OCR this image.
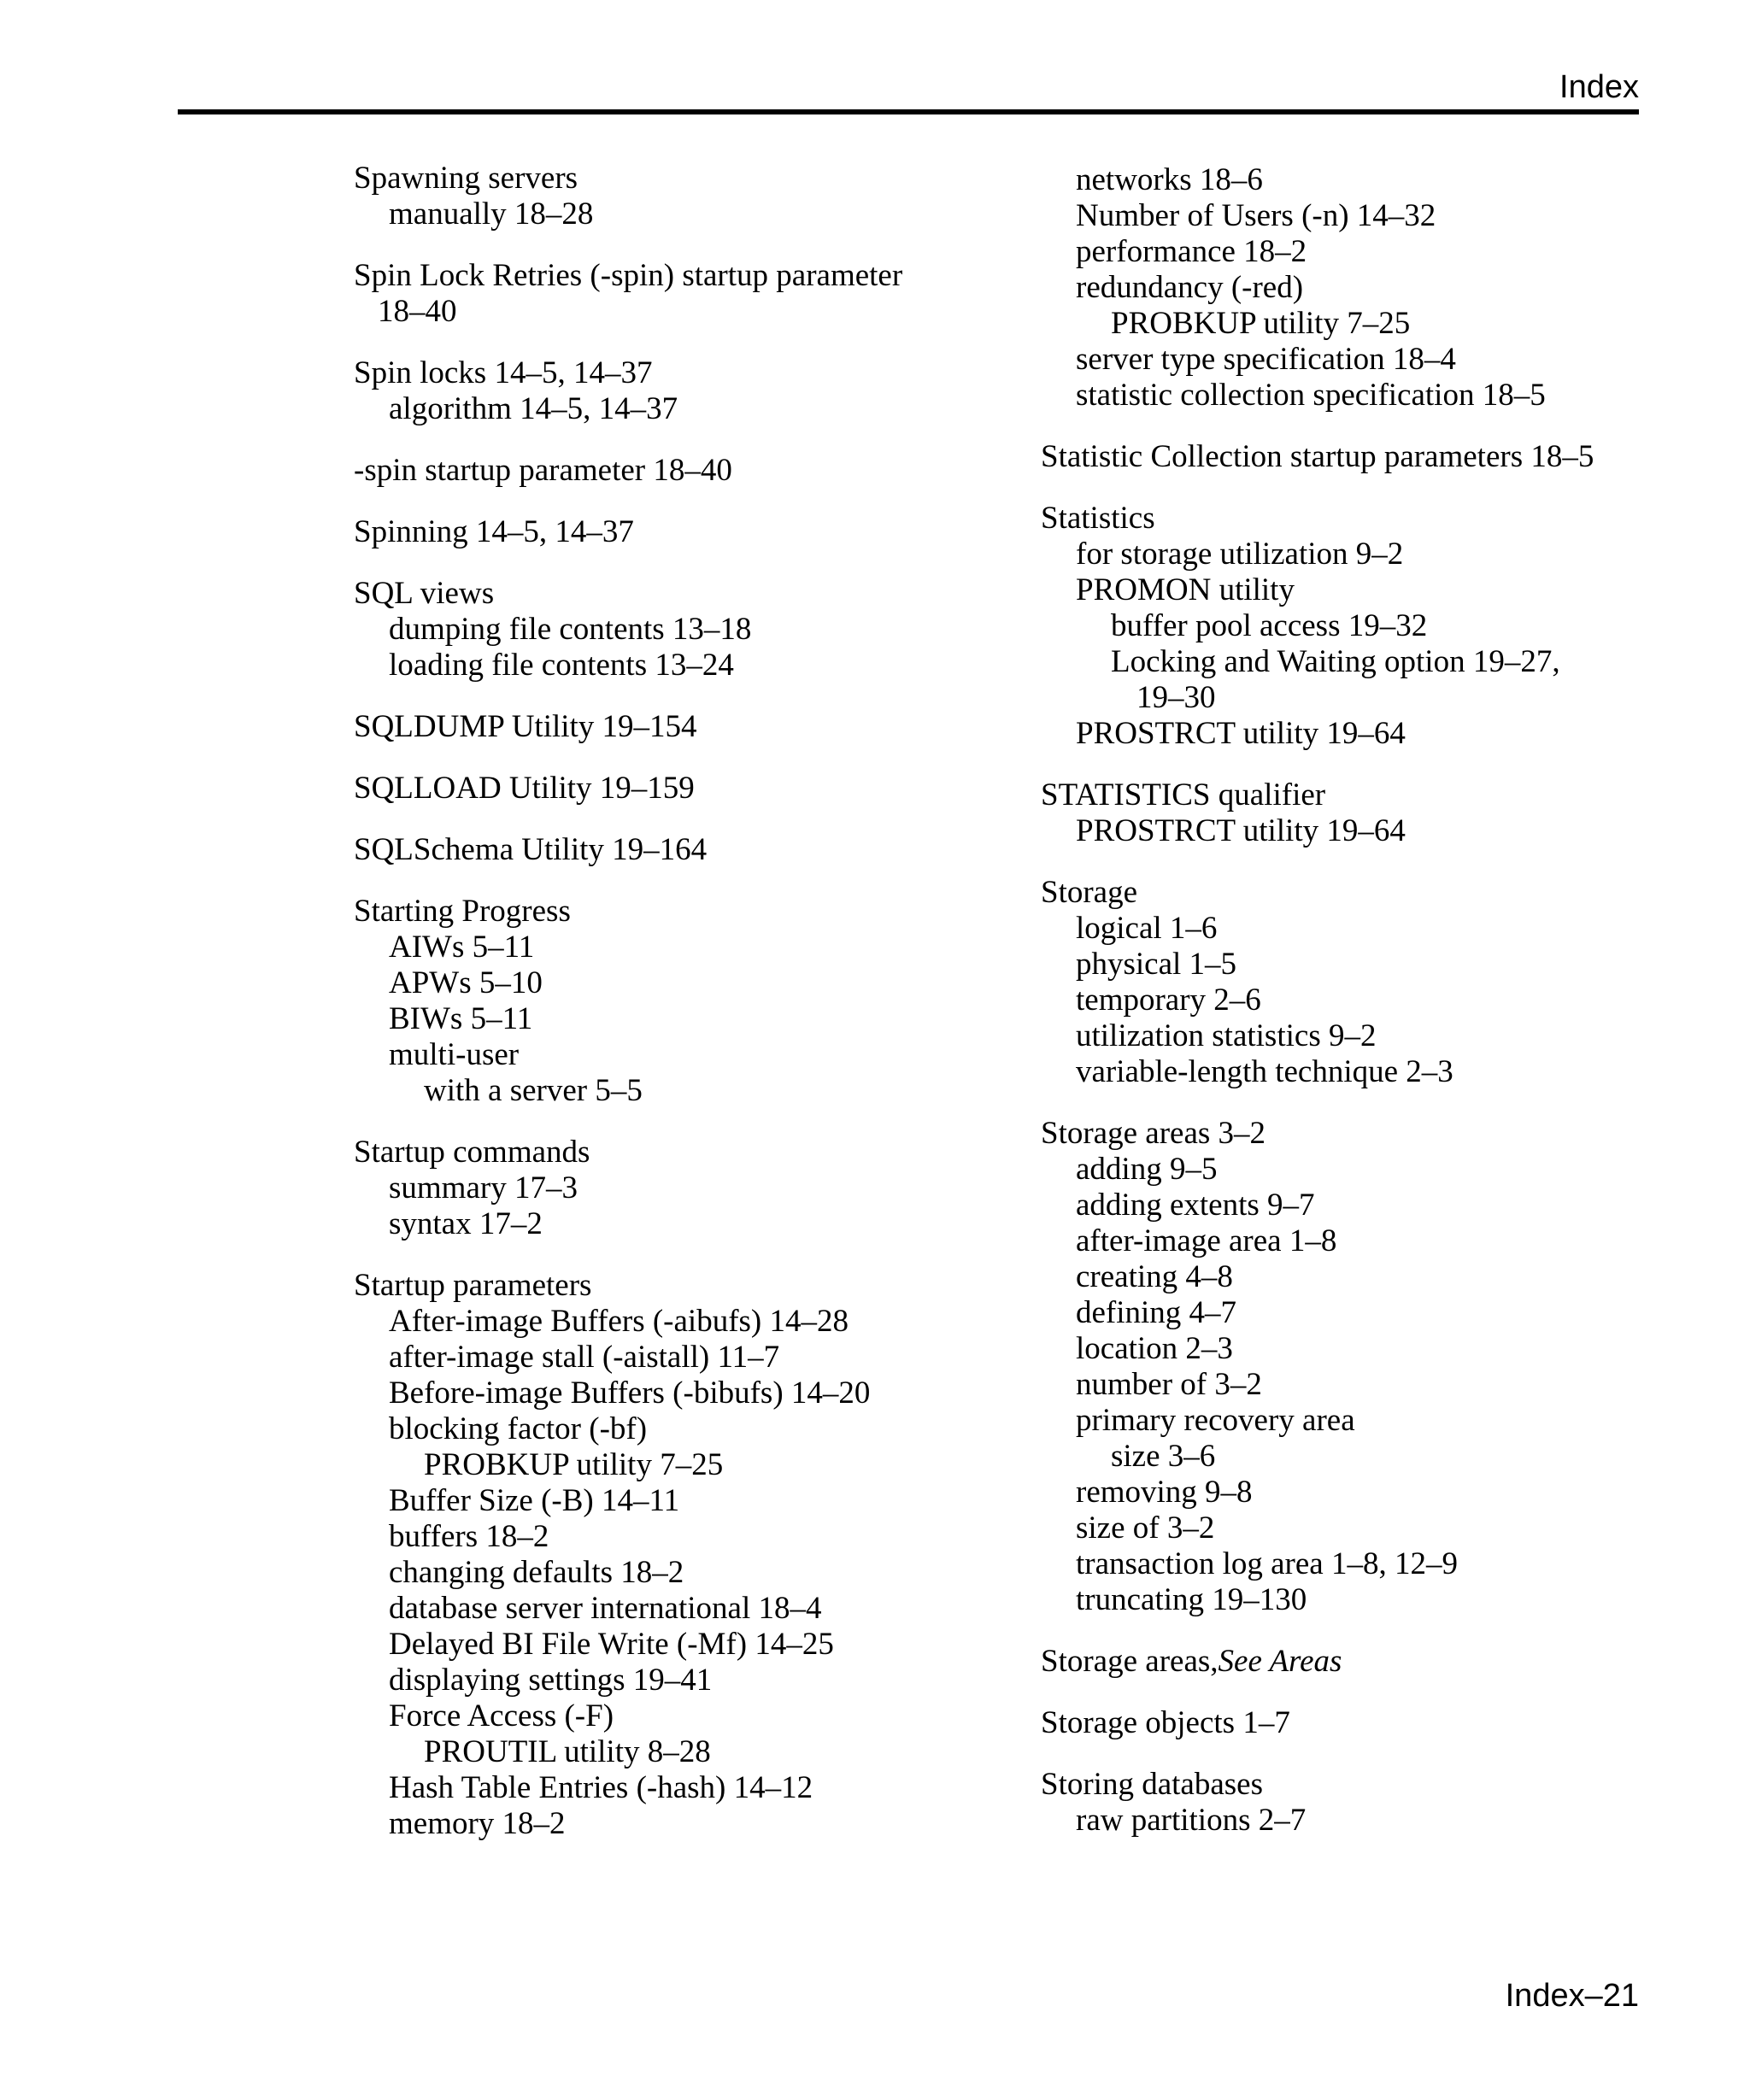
Index
Spawning servers
manually 18–28
Spin Lock Retries (-spin) startup parameter
18–40
Spin locks 14–5, 14–37
algorithm 14–5, 14–37
-spin startup parameter 18–40
Spinning 14–5, 14–37
SQL views
dumping file contents 13–18
loading file contents 13–24
SQLDUMP Utility 19–154
SQLLOAD Utility 19–159
SQLSchema Utility 19–164
Starting Progress
AIWs 5–11
APWs 5–10
BIWs 5–11
multi-user
with a server 5–5
Startup commands
summary 17–3
syntax 17–2
Startup parameters
After-image Buffers (-aibufs) 14–28
after-image stall (-aistall) 11–7
Before-image Buffers (-bibufs) 14–20
blocking factor (-bf)
PROBKUP utility 7–25
Buffer Size (-B) 14–11
buffers 18–2
changing defaults 18–2
database server international 18–4
Delayed BI File Write (-Mf) 14–25
displaying settings 19–41
Force Access (-F)
PROUTIL utility 8–28
Hash Table Entries (-hash) 14–12
memory 18–2
networks 18–6
Number of Users (-n) 14–32
performance 18–2
redundancy (-red)
PROBKUP utility 7–25
server type specification 18–4
statistic collection specification 18–5
Statistic Collection startup parameters 18–5
Statistics
for storage utilization 9–2
PROMON utility
buffer pool access 19–32
Locking and Waiting option 19–27,
19–30
PROSTRCT utility 19–64
STATISTICS qualifier
PROSTRCT utility 19–64
Storage
logical 1–6
physical 1–5
temporary 2–6
utilization statistics 9–2
variable-length technique 2–3
Storage areas 3–2
adding 9–5
adding extents 9–7
after-image area 1–8
creating 4–8
defining 4–7
location 2–3
number of 3–2
primary recovery area
size 3–6
removing 9–8
size of 3–2
transaction log area 1–8, 12–9
truncating 19–130
Storage areas,See Areas
Storage objects 1–7
Storing databases
raw partitions 2–7
Index–21
